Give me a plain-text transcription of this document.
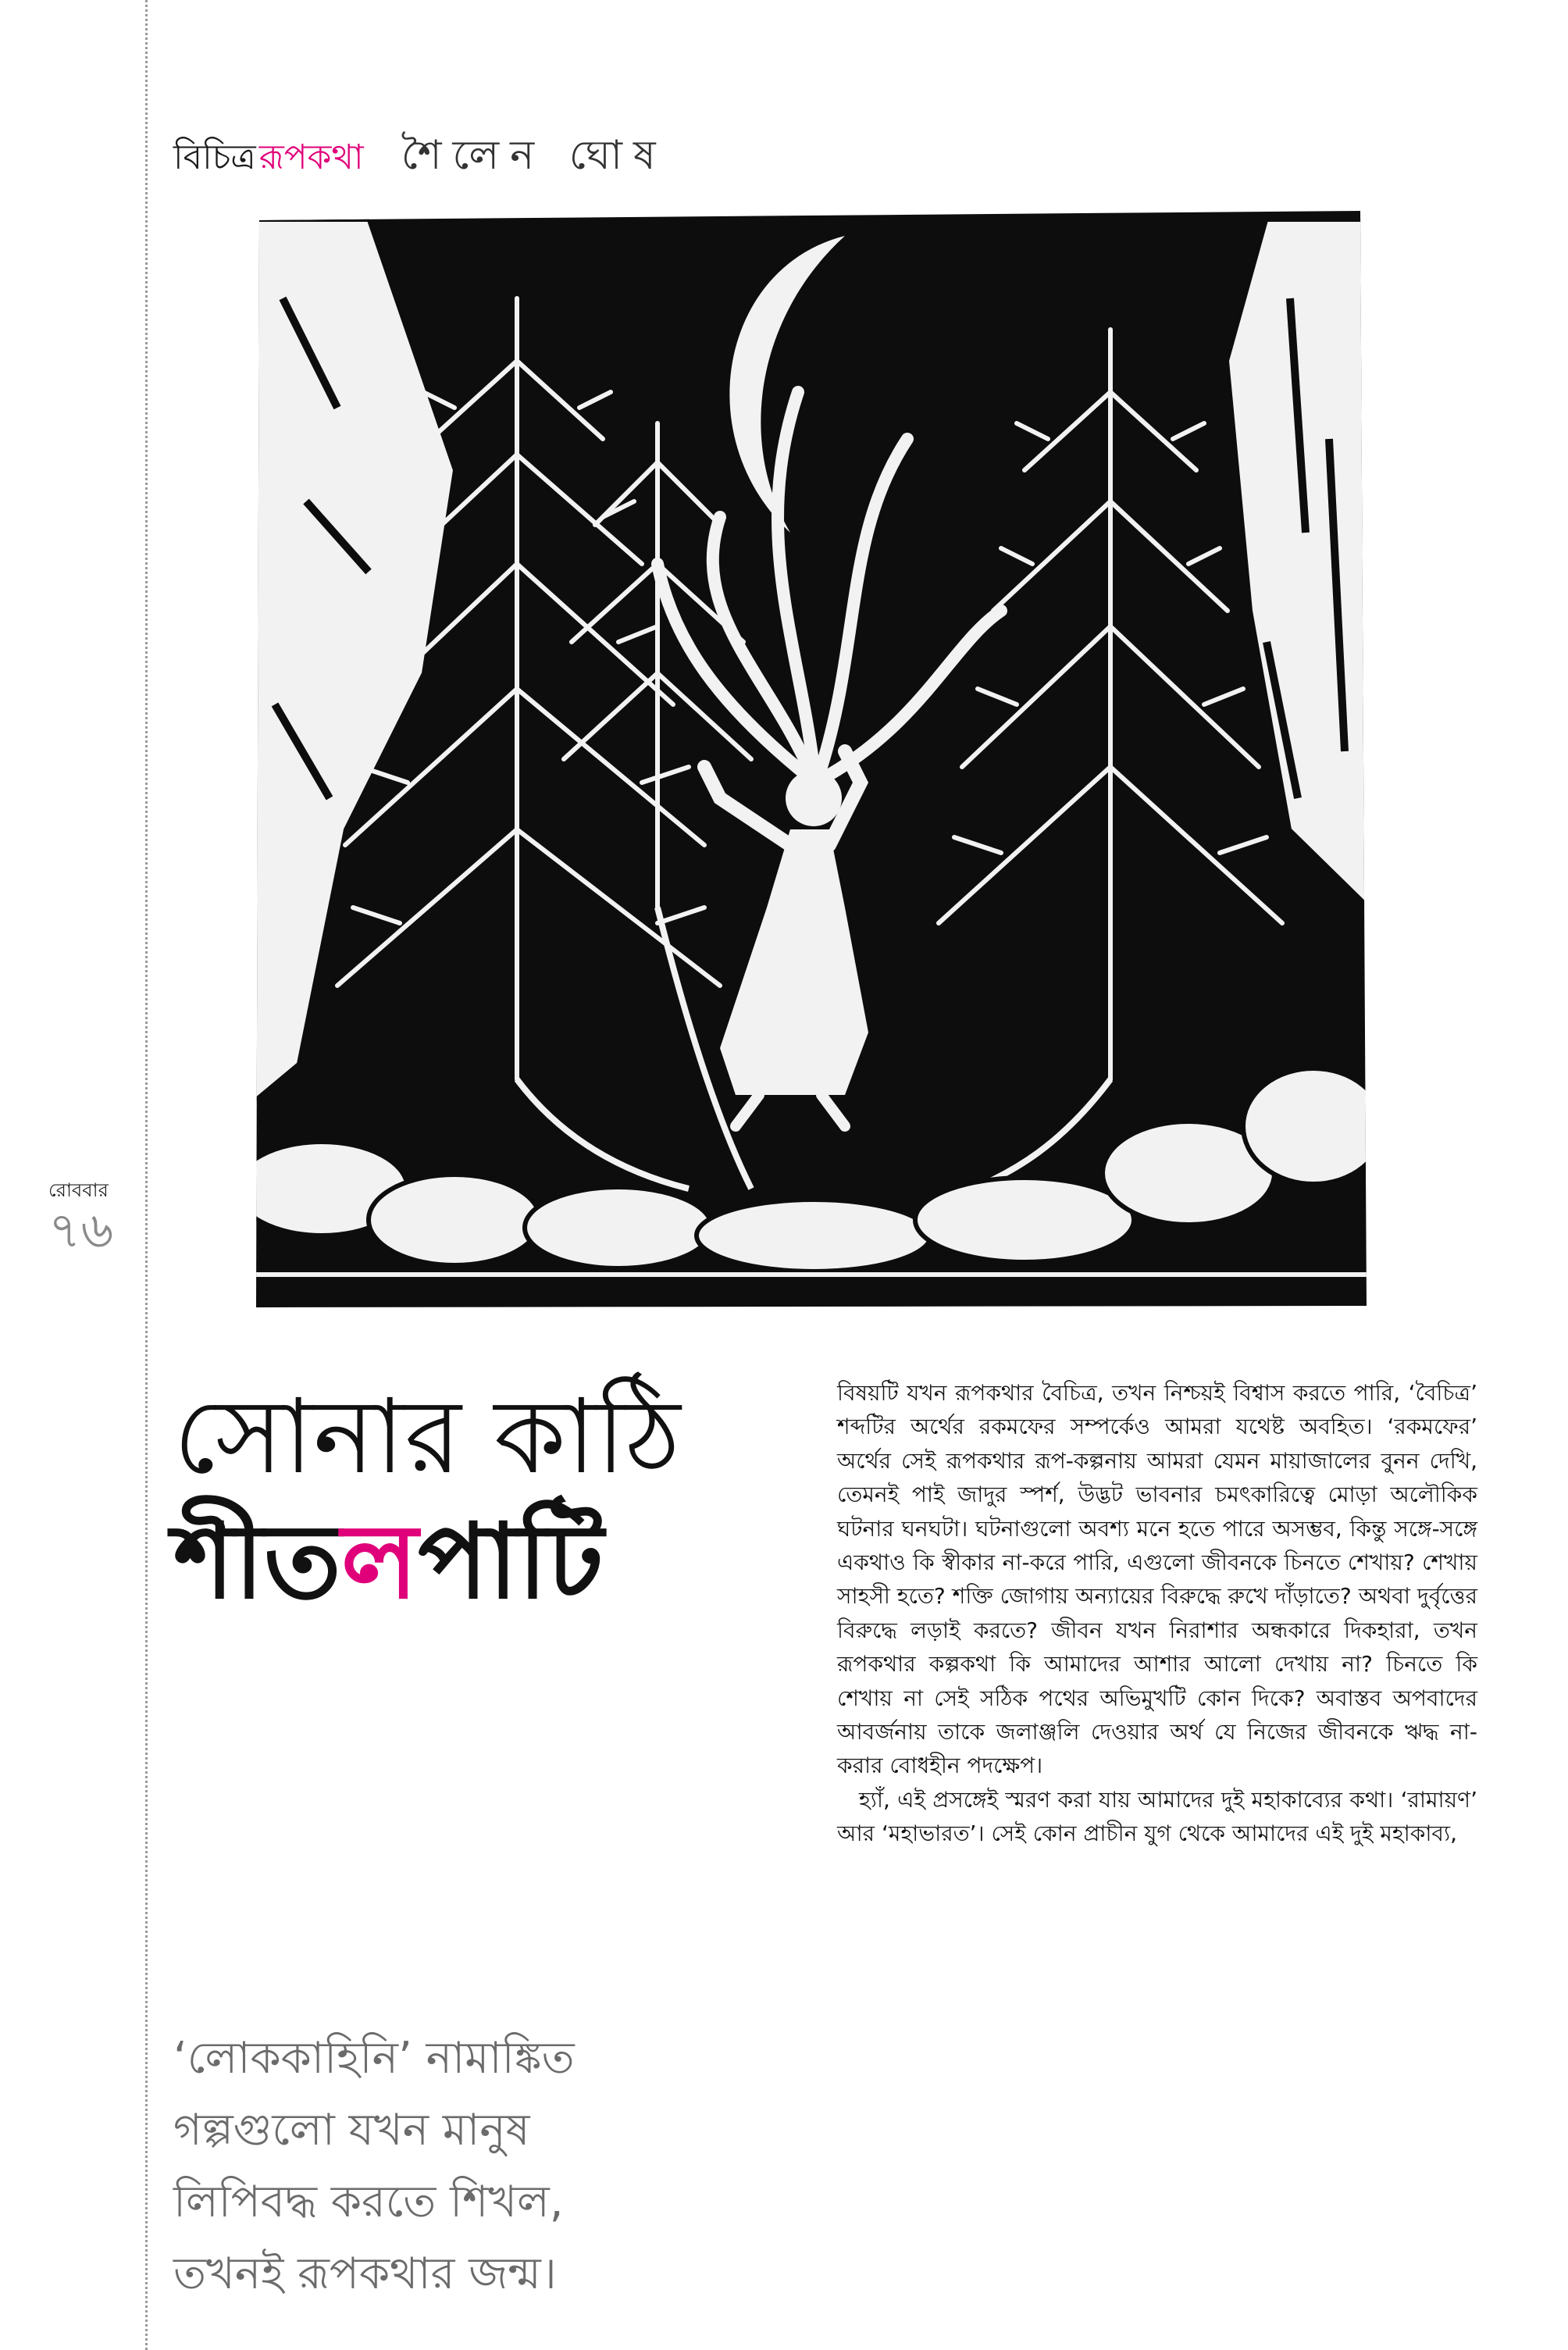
বিচিত্র রূপকথা শৈলেন ঘোষ
রোববার
৭৬
সোনার কাঠি
শীতলপাটি

‘লোককাহিনি’ নামাঙ্কিত

গল্পগুলো যখন মানুষ

লিপিবদ্ধ করতে শিখল,

তখনই রূপকথার জন্ম।

বিষয়টি যখন রূপকথার বৈচিত্র, তখন নিশ্চয়ই বিশ্বাস করতে পারি, ‘বৈচিত্র’ শব্দটির অর্থের রকমফের সম্পর্কেও আমরা যথেষ্ট অবহিত। ‘রকমফের’ অর্থের সেই রূপকথার রূপ-কল্পনায় আমরা যেমন মায়াজালের বুনন দেখি, তেমনই পাই জাদুর স্পর্শ, উদ্ভট ভাবনার চমৎকারিত্বে মোড়া অলৌকিক ঘটনার ঘনঘটা। ঘটনাগুলো অবশ্য মনে হতে পারে অসম্ভব, কিন্তু সঙ্গে-সঙ্গে একথাও কি স্বীকার না-করে পারি, এগুলো জীবনকে চিনতে শেখায়? শেখায় সাহসী হতে? শক্তি জোগায় অন্যায়ের বিরুদ্ধে রুখে দাঁড়াতে? অথবা দুর্বৃত্তের বিরুদ্ধে লড়াই করতে? জীবন যখন নিরাশার অন্ধকারে দিকহারা, তখন রূপকথার কল্পকথা কি আমাদের আশার আলো দেখায় না? চিনতে কি শেখায় না সেই সঠিক পথের অভিমুখটি কোন দিকে? অবাস্তব অপবাদের আবর্জনায় তাকে জলাঞ্জলি দেওয়ার অর্থ যে নিজের জীবনকে ঋদ্ধ না-করার বোধহীন পদক্ষেপ।

হ্যাঁ, এই প্রসঙ্গেই স্মরণ করা যায় আমাদের দুই মহাকাব্যের কথা। ‘রামায়ণ’ আর ‘মহাভারত’। সেই কোন প্রাচীন যুগ থেকে আমাদের এই দুই মহাকাব্য,
